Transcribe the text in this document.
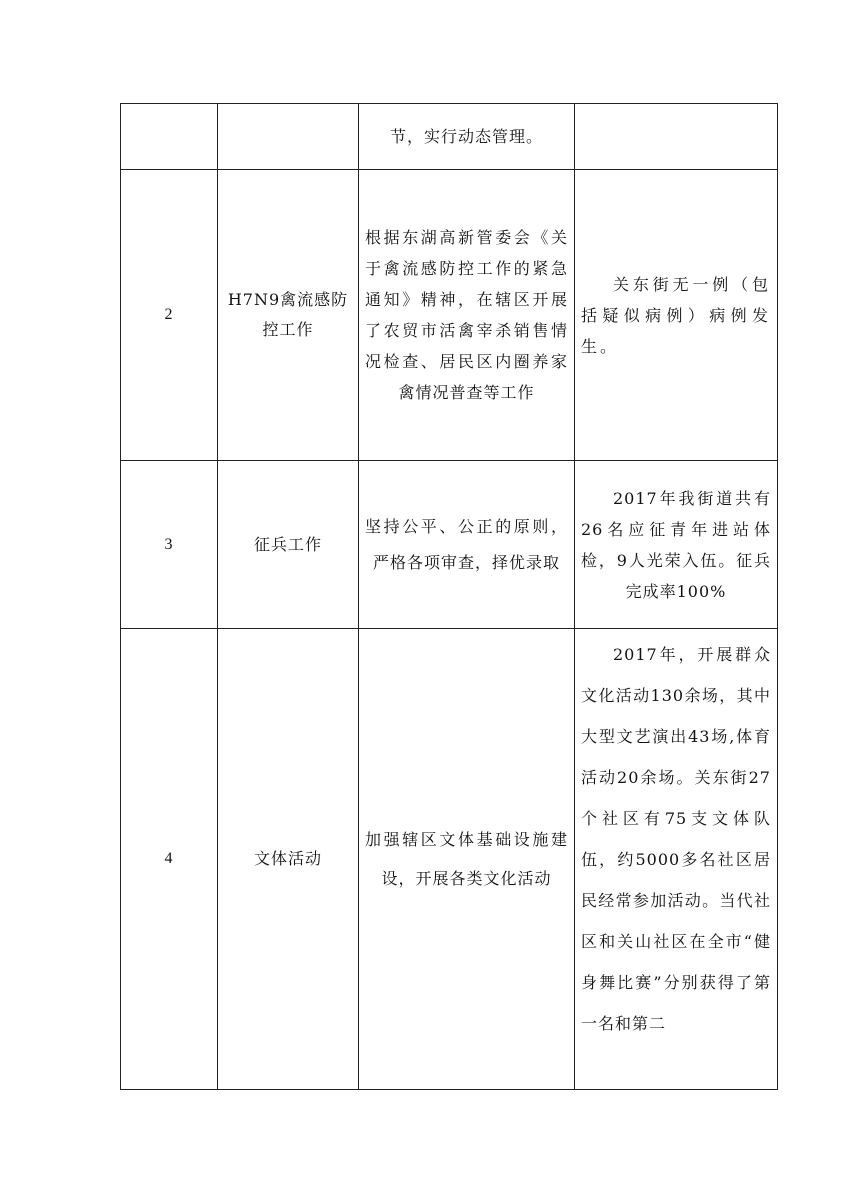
		节，实行动态管理。	
2	H7N9禽流感防控工作	根据东湖高新管委会《关于禽流感防控工作的紧急通知》精神，在辖区开展了农贸市活禽宰杀销售情况检查、居民区内圈养家禽情况普查等工作	关东街无一例（包括疑似病例）病例发生。

3	征兵工作	坚持公平、公正的原则，严格各项审查，择优录取	2017年我街道共有26名应征青年进站体检，9人光荣入伍。征兵完成率100%

4	文体活动	加强辖区文体基础设施建设，开展各类文化活动	2017年，开展群众文化活动130余场，其中大型文艺演出43场,体育活动20余场。关东街27个社区有75支文体队伍，约5000多名社区居民经常参加活动。当代社区和关山社区在全市“健身舞比赛”分别获得了第一名和第二
